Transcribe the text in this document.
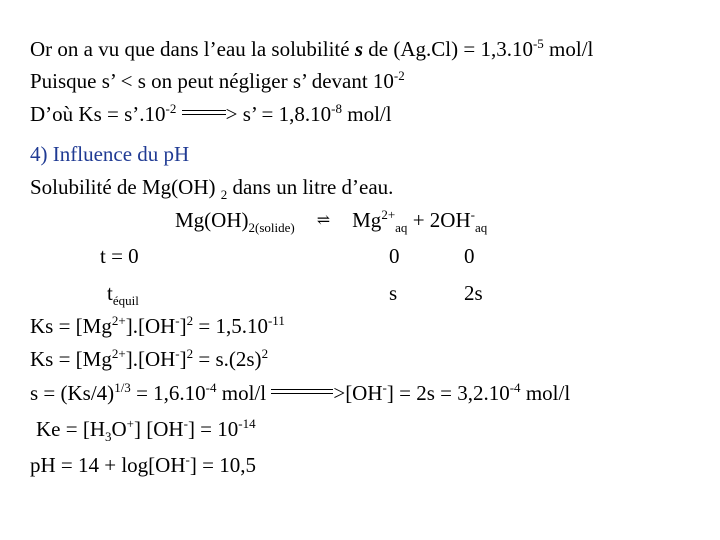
Or on a vu que dans l’eau la solubilité s de $(Ag.Cl) = 1,3.10^{-5}$ mol/l
Puisque s’ < s on peut négliger s’ devant $10^{-2}$
D’où $Ks = s’.10^{-2} > s$’ = $1,8.10^{-8}$ mol/l
4) Influence du pH
Solubilité de Mg(OH) $_2$ dans un litre d’eau.
$Mg(OH)_{2(solide)}$ ⇌ $Mg^{2+}_{aq} + 2OH^-_{aq}$
t = 0	0	0
$t_{équil}$	s	2s
$Ks = [Mg^{2+}].[OH^-]^2 = 1,5.10^{-11}$
$Ks = [Mg^{2+}].[OH^-]^2 = s.(2s)^2$
$s = (Ks/4)^{1/3} = 1,6.10^{-4}$ mol/l	$>[OH^-] = 2s = 3,2.10^{-4}$ mol/l
$Ke = [H_3O^+] [OH^-] = 10^{-14}$
pH = 14 + log[OH-] = 10,5
